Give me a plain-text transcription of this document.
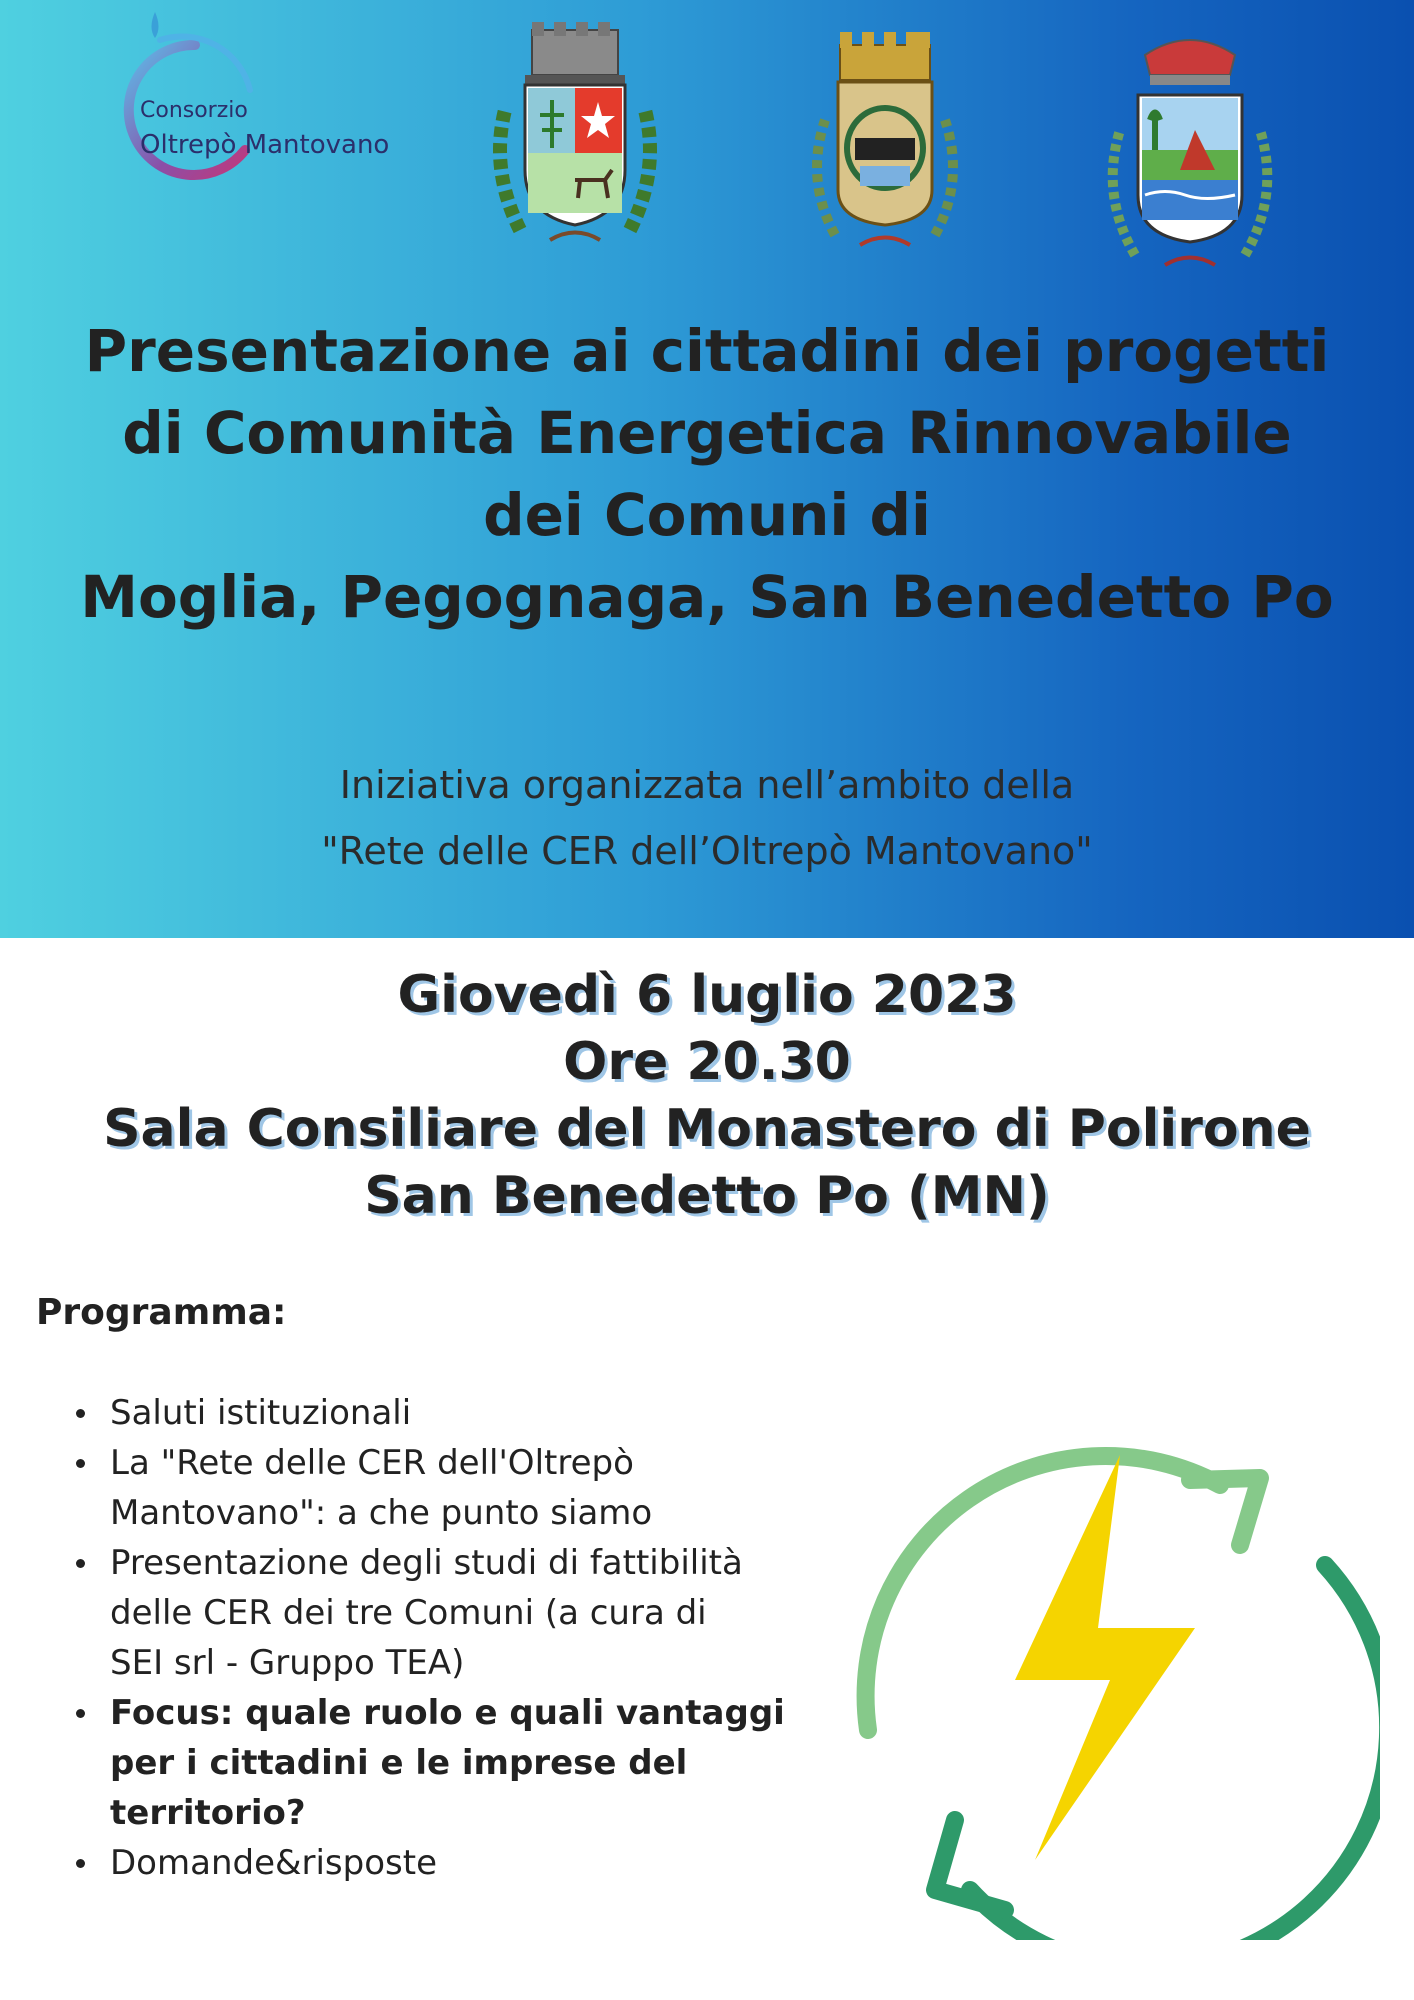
Consorzio
Oltrepò Mantovano
Presentazione ai cittadini dei progetti
di Comunità Energetica Rinnovabile
dei Comuni di
Moglia, Pegognaga, San Benedetto Po
Iniziativa organizzata nell’ambito della
"Rete delle CER dell’Oltrepò Mantovano"
Giovedì 6 luglio 2023
Ore 20.30
Sala Consiliare del Monastero di Polirone
San Benedetto Po (MN)
Programma:
Saluti istituzionali
La "Rete delle CER dell'Oltrepò
Mantovano": a che punto siamo
Presentazione degli studi di fattibilità
delle CER dei tre Comuni (a cura di
SEI srl - Gruppo TEA)
Focus: quale ruolo e quali vantaggi
per i cittadini e le imprese del
territorio?
Domande&risposte
